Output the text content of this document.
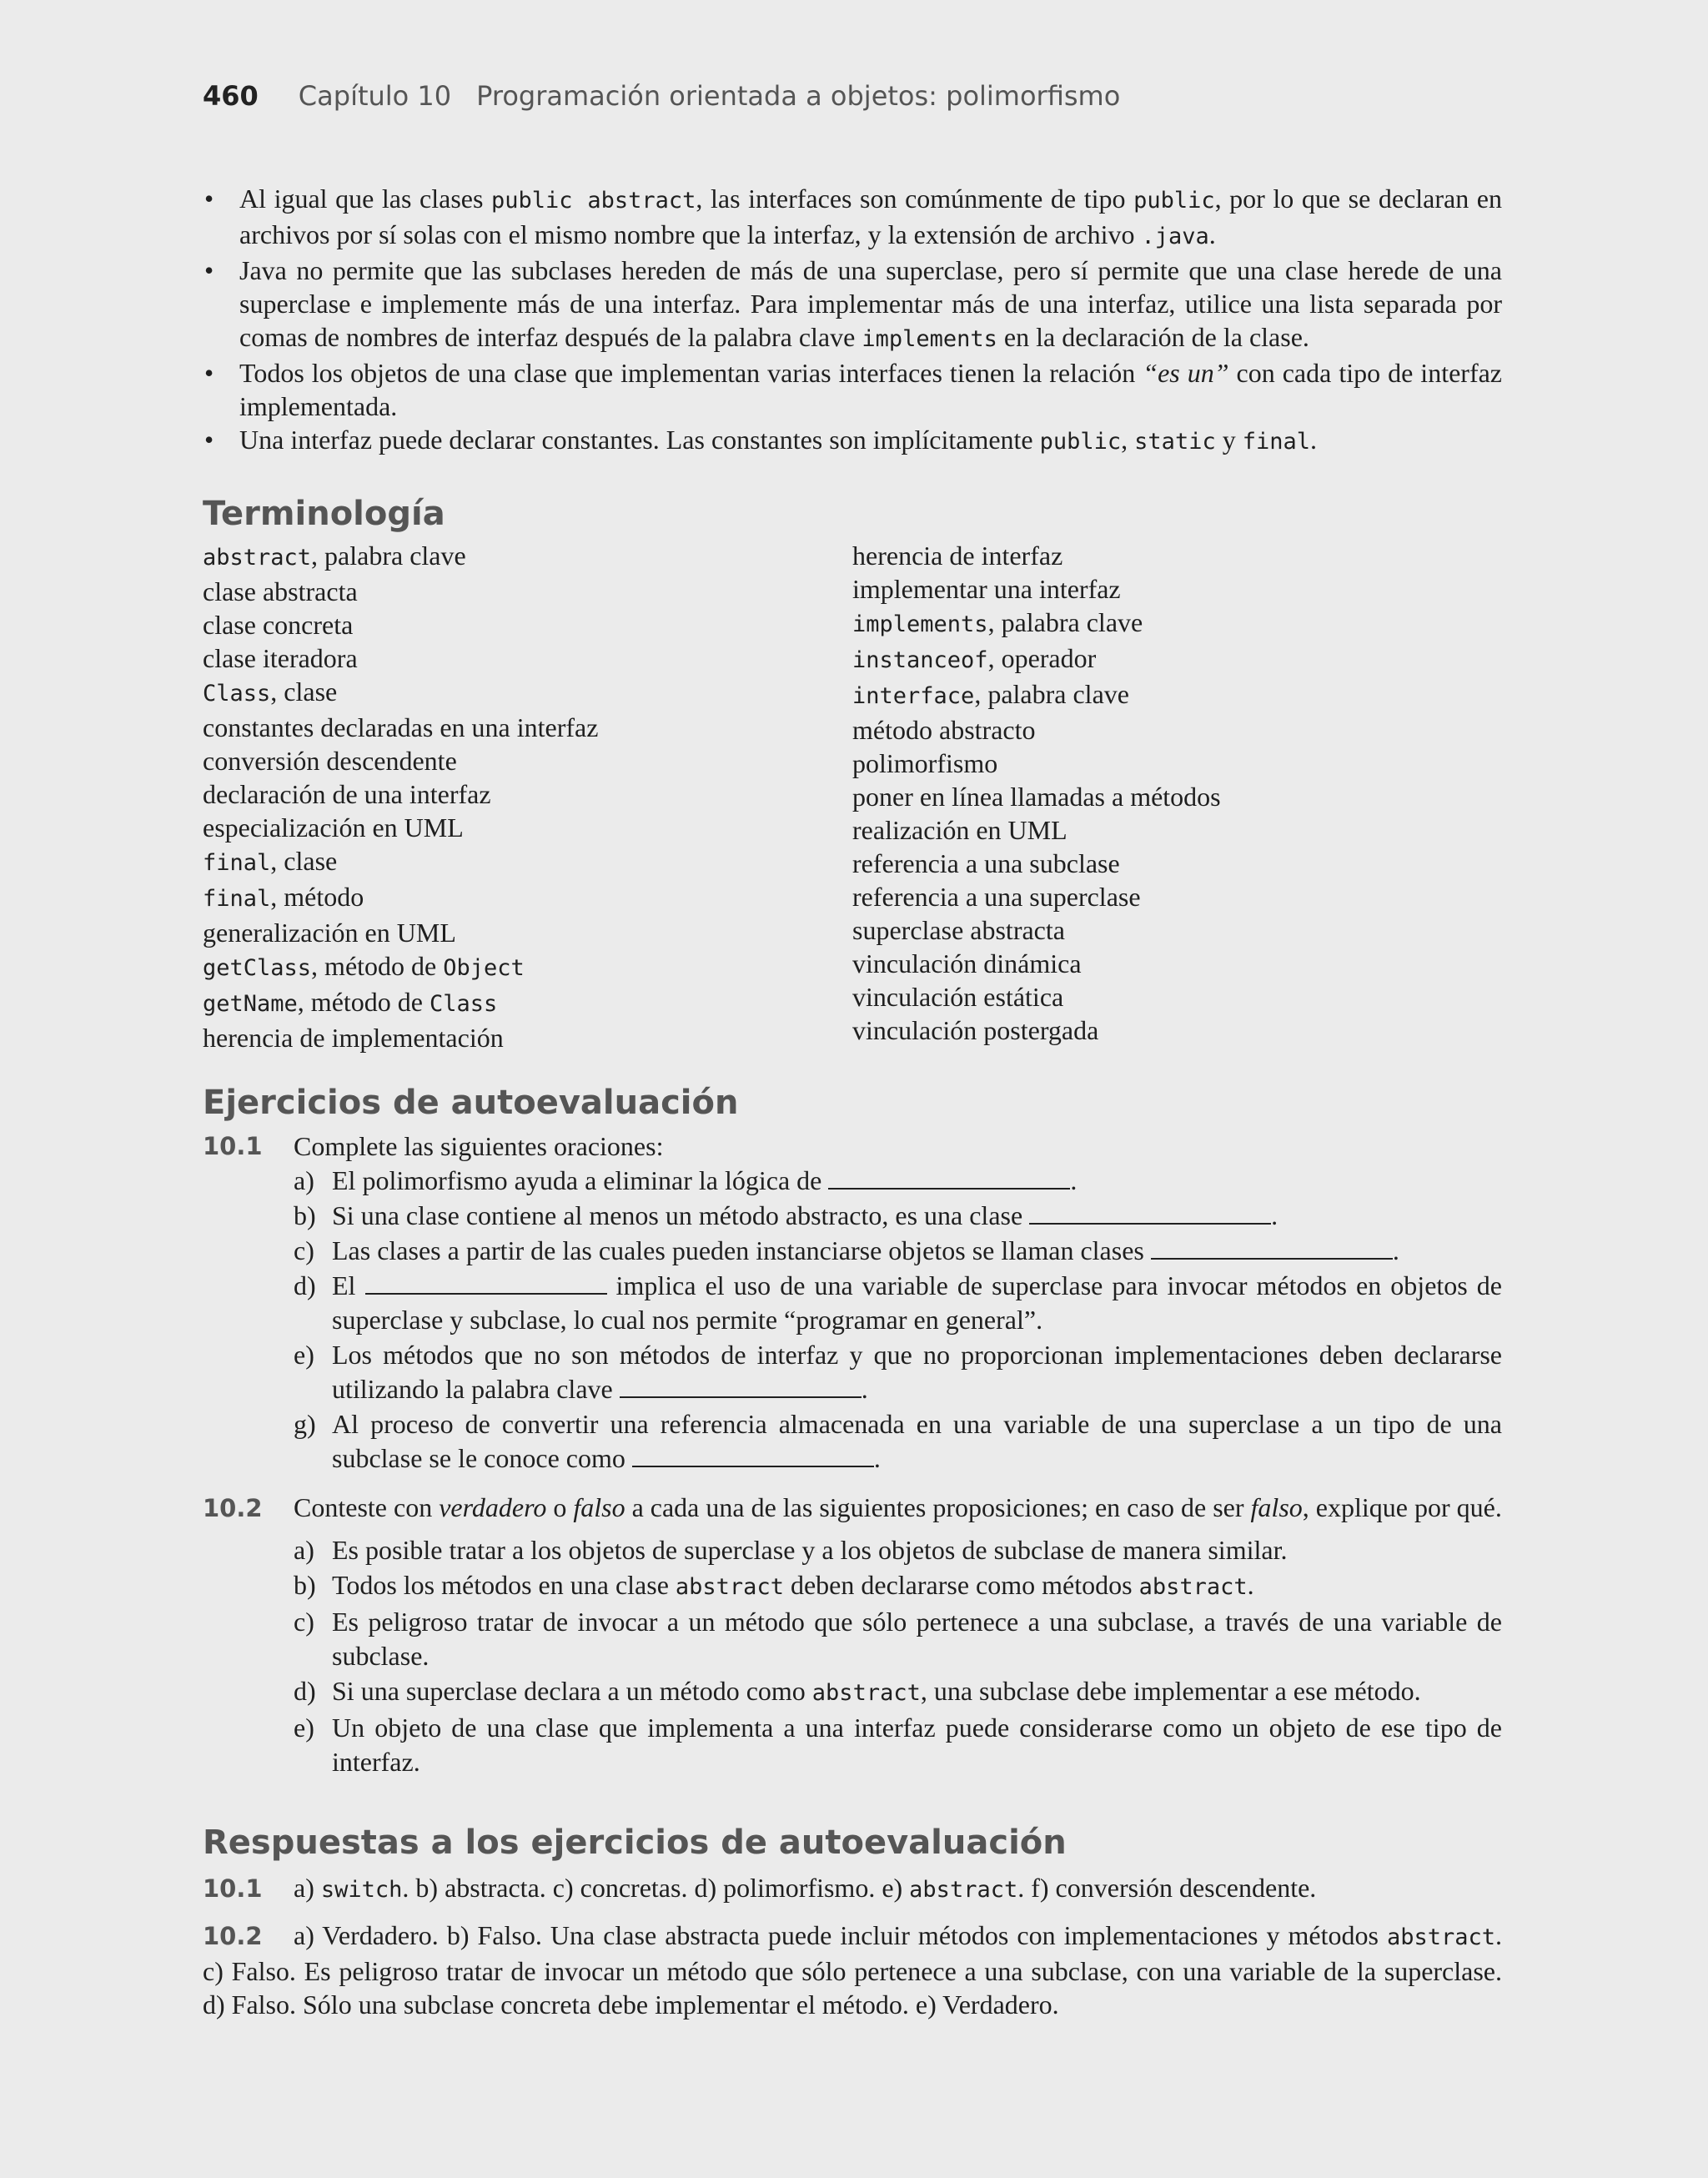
460 Capítulo 10 Programación orientada a objetos: polimorfismo
• Al igual que las clases public abstract, las interfaces son comúnmente de tipo public, por lo que se declaran en archivos por sí solas con el mismo nombre que la interfaz, y la extensión de archivo .java.
• Java no permite que las subclases hereden de más de una superclase, pero sí permite que una clase herede de una superclase e implemente más de una interfaz. Para implementar más de una interfaz, utilice una lista separada por comas de nombres de interfaz después de la palabra clave implements en la declaración de la clase.
• Todos los objetos de una clase que implementan varias interfaces tienen la relación “es un” con cada tipo de interfaz implementada.
• Una interfaz puede declarar constantes. Las constantes son implícitamente public, static y final.
Terminología
abstract, palabra clave
clase abstracta
clase concreta
clase iteradora
Class, clase
constantes declaradas en una interfaz
conversión descendente
declaración de una interfaz
especialización en UML
final, clase
final, método
generalización en UML
getClass, método de Object
getName, método de Class
herencia de implementación
herencia de interfaz
implementar una interfaz
implements, palabra clave
instanceof, operador
interface, palabra clave
método abstracto
polimorfismo
poner en línea llamadas a métodos
realización en UML
referencia a una subclase
referencia a una superclase
superclase abstracta
vinculación dinámica
vinculación estática
vinculación postergada
Ejercicios de autoevaluación
10.1	Complete las siguientes oraciones:
a) El polimorfismo ayuda a eliminar la lógica de	.
b) Si una clase contiene al menos un método abstracto, es una clase	.
c) Las clases a partir de las cuales pueden instanciarse objetos se llaman clases	.
d) El	implica el uso de una variable de superclase para invocar métodos en objetos de superclase y subclase, lo cual nos permite “programar en general”.
e) Los métodos que no son métodos de interfaz y que no proporcionan implementaciones deben declararse utilizando la palabra clave	.
g) Al proceso de convertir una referencia almacenada en una variable de una superclase a un tipo de una subclase se le conoce como	.
10.2 Conteste con verdadero o falso a cada una de las siguientes proposiciones; en caso de ser falso, explique por qué.
a) Es posible tratar a los objetos de superclase y a los objetos de subclase de manera similar.
b) Todos los métodos en una clase abstract deben declararse como métodos abstract.
c) Es peligroso tratar de invocar a un método que sólo pertenece a una subclase, a través de una variable de subclase.
d) Si una superclase declara a un método como abstract, una subclase debe implementar a ese método.
e) Un objeto de una clase que implementa a una interfaz puede considerarse como un objeto de ese tipo de interfaz.
Respuestas a los ejercicios de autoevaluación
10.1 a) switch. b) abstracta. c) concretas. d) polimorfismo. e) abstract. f) conversión descendente.
10.2 a) Verdadero. b) Falso. Una clase abstracta puede incluir métodos con implementaciones y métodos abstract. c) Falso. Es peligroso tratar de invocar un método que sólo pertenece a una subclase, con una variable de la superclase. d) Falso. Sólo una subclase concreta debe implementar el método. e) Verdadero.
